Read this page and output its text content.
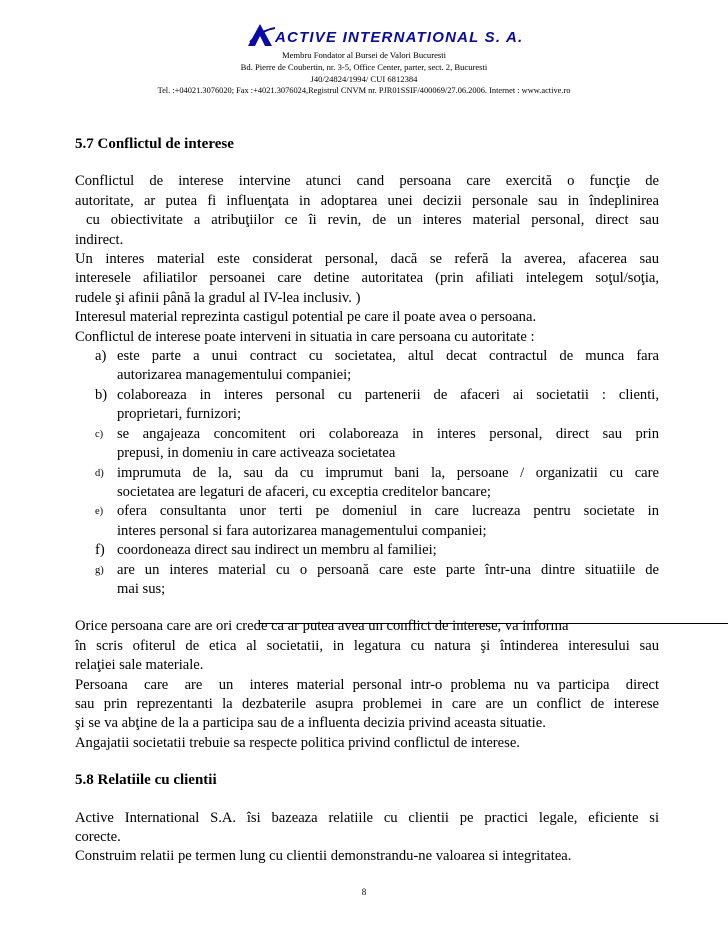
ACTIVE INTERNATIONAL S. A.
Membru Fondator al Bursei de Valori Bucuresti
Bd. Pierre de Coubertin, nr. 3-5, Office Center, parter, sect. 2, Bucuresti
J40/24824/1994/ CUI 6812384
Tel. :+04021.3076020; Fax :+4021.3076024,Registrul CNVM nr. PJR01SSIF/400069/27.06.2006. Internet : www.active.ro

5.7 Conflictul de interese

Conflictul de interese intervine atunci cand persoana care exercită o funcţie de

autoritate, ar putea fi influenţata in adoptarea unei decizii personale sau in îndeplinirea

cu obiectivitate a atribuţiilor ce îi revin, de un interes material personal, direct sau

indirect.

Un interes material este considerat personal, dacă se referă la averea, afacerea sau

interesele afiliatilor persoanei care detine autoritatea (prin afiliati intelegem soţul/soţia,

rudele şi afinii până la gradul al IV-lea inclusiv. )

Interesul material reprezinta castigul potential pe care il poate avea o persoana.

Conflictul de interese poate interveni in situatia in care persoana cu autoritate :

a) este parte a unui contract cu societatea, altul decat contractul de munca fara

autorizarea managementului companiei;

b) colaboreaza in interes personal cu partenerii de afaceri ai societatii : clienti,

proprietari, furnizori;

c) se angajeaza concomitent ori colaboreaza in interes personal, direct sau prin

prepusi, in domeniu in care activeaza societatea

d) imprumuta de la, sau da cu imprumut bani la, persoane / organizatii cu care

societatea are legaturi de afaceri, cu exceptia creditelor bancare;

e) ofera consultanta unor terti pe domeniul in care lucreaza pentru societate in

interes personal si fara autorizarea managementului companiei;

f) coordoneaza direct sau indirect un membru al familiei;

g) are un interes material cu o persoană care este parte într-una dintre situatiile de

mai sus;

Orice persoana care are ori crede ca ar putea avea un conflict de interese, va informa

în scris ofiterul de etica al societatii, in legatura cu natura şi întinderea interesului sau

relaţiei sale materiale.

Persoana  care  are  un  interes material personal intr-o problema nu va participa  direct

sau prin reprezentanti la dezbaterile asupra problemei in care are un conflict de interese

şi se va abţine de la a participa sau de a influenta decizia privind aceasta situatie.

Angajatii societatii trebuie sa respecte politica privind conflictul de interese.

5.8 Relatiile cu clientii

Active International S.A. îsi bazeaza relatiile cu clientii pe practici legale, eficiente si

corecte.

Construim relatii pe termen lung cu clientii demonstrandu-ne valoarea si integritatea.

8
